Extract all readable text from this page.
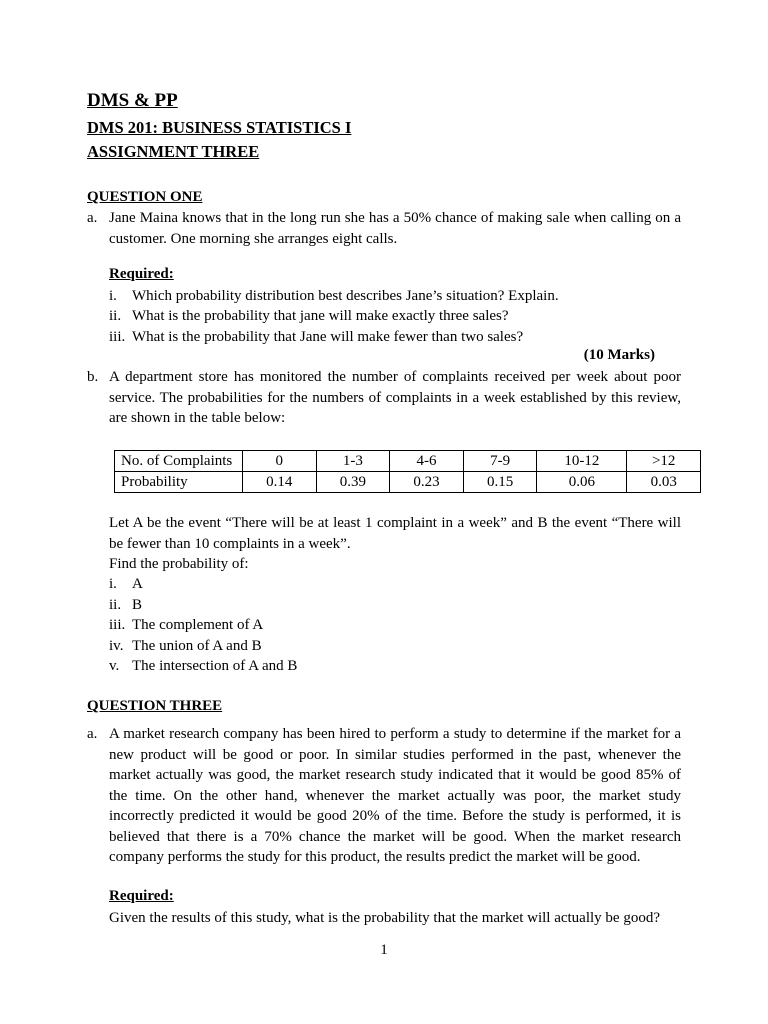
DMS & PP
DMS 201: BUSINESS STATISTICS I
ASSIGNMENT THREE
QUESTION ONE
a. Jane Maina knows that in the long run she has a 50% chance of making sale when calling on a customer. One morning she arranges eight calls.
Required:
i. Which probability distribution best describes Jane’s situation? Explain.
ii. What is the probability that jane will make exactly three sales?
iii. What is the probability that Jane will make fewer than two sales?
(10 Marks)
b. A department store has monitored the number of complaints received per week about poor service. The probabilities for the numbers of complaints in a week established by this review, are shown in the table below:
No. of Complaints	0	1-3	4-6	7-9	10-12	>12
Probability	0.14	0.39	0.23	0.15	0.06	0.03
Let A be the event “There will be at least 1 complaint in a week” and B the event “There will be fewer than 10 complaints in a week”.
Find the probability of:
i. A
ii. B
iii. The complement of A
iv. The union of A and B
v. The intersection of A and B
QUESTION THREE
a. A market research company has been hired to perform a study to determine if the market for a new product will be good or poor. In similar studies performed in the past, whenever the market actually was good, the market research study indicated that it would be good 85% of the time. On the other hand, whenever the market actually was poor, the market study incorrectly predicted it would be good 20% of the time. Before the study is performed, it is believed that there is a 70% chance the market will be good. When the market research company performs the study for this product, the results predict the market will be good.
Required:
Given the results of this study, what is the probability that the market will actually be good?
1
